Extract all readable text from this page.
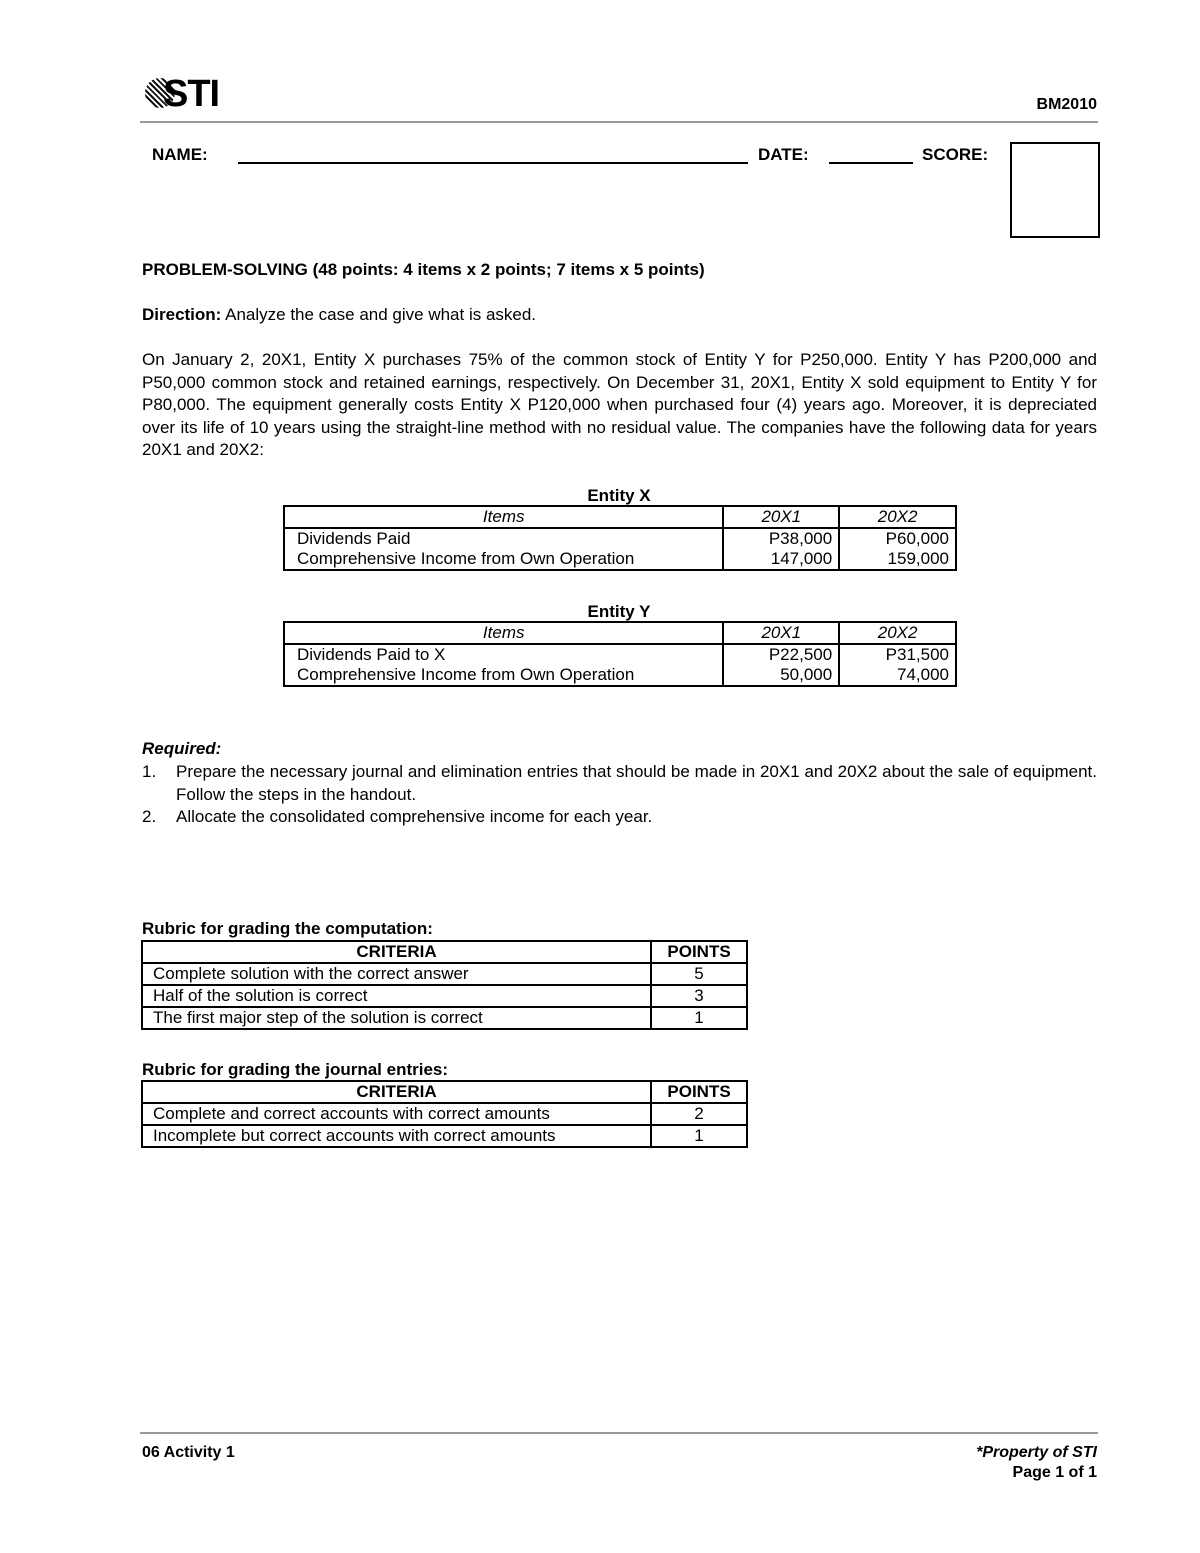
STI	BM2010
NAME:	DATE:	SCORE:
PROBLEM-SOLVING (48 points: 4 items x 2 points; 7 items x 5 points)
Direction: Analyze the case and give what is asked.
On January 2, 20X1, Entity X purchases 75% of the common stock of Entity Y for P250,000. Entity Y has P200,000 and P50,000 common stock and retained earnings, respectively. On December 31, 20X1, Entity X sold equipment to Entity Y for P80,000. The equipment generally costs Entity X P120,000 when purchased four (4) years ago. Moreover, it is depreciated over its life of 10 years using the straight-line method with no residual value. The companies have the following data for years 20X1 and 20X2:
Entity X
Items	20X1	20X2
Dividends Paid	P38,000	P60,000
Comprehensive Income from Own Operation	147,000	159,000
Entity Y
Items	20X1	20X2
Dividends Paid to X	P22,500	P31,500
Comprehensive Income from Own Operation	50,000	74,000
Required:
1. Prepare the necessary journal and elimination entries that should be made in 20X1 and 20X2 about the sale of equipment. Follow the steps in the handout.
2. Allocate the consolidated comprehensive income for each year.
Rubric for grading the computation:
CRITERIA	POINTS
Complete solution with the correct answer	5
Half of the solution is correct	3
The first major step of the solution is correct	1
Rubric for grading the journal entries:
CRITERIA	POINTS
Complete and correct accounts with correct amounts	2
Incomplete but correct accounts with correct amounts	1
06 Activity 1	*Property of STI
Page 1 of 1
